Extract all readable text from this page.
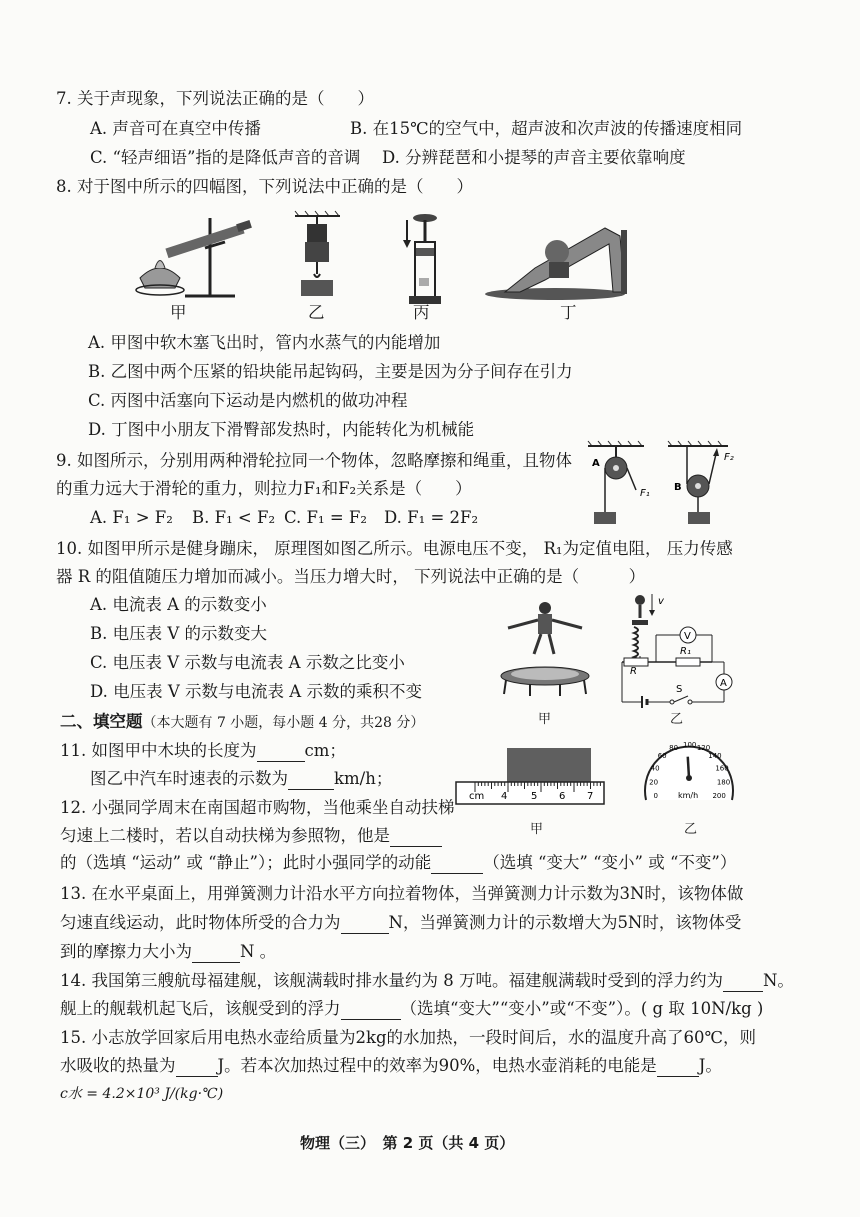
7. 关于声现象，下列说法正确的是（　　）
A. 声音可在真空中传播	B. 在15℃的空气中，超声波和次声波的传播速度相同
C. “轻声细语”指的是降低声音的音调 D. 分辨琵琶和小提琴的声音主要依靠响度
8. 对于图中所示的四幅图，下列说法中正确的是（　　）
甲	乙	丙	丁
A. 甲图中软木塞飞出时，管内水蒸气的内能增加
B. 乙图中两个压紧的铅块能吊起钩码，主要是因为分子间存在引力
C. 丙图中活塞向下运动是内燃机的做功冲程
D. 丁图中小朋友下滑臀部发热时，内能转化为机械能
9. 如图所示，分别用两种滑轮拉同一个物体，忽略摩擦和绳重，且物体
的重力远大于滑轮的重力，则拉力F₁和F₂关系是（　　）
A. F₁ > F₂ B. F₁ < F₂ C. F₁ = F₂ D. F₁ = 2F₂
A
F₁
B
F₂
10. 如图甲所示是健身蹦床， 原理图如图乙所示。电源电压不变， R₁为定值电阻， 压力传感
器 R 的阻值随压力增加而减小。当压力增大时， 下列说法中正确的是（　　　）
A. 电流表 A 的示数变小
B. 电压表 V 的示数变大
C. 电压表 V 示数与电流表 A 示数之比变小
D. 电压表 V 示数与电流表 A 示数的乘积不变
甲
v
R
R₁
V
A
S
乙
二、填空题（本大题有 7 小题，每小题 4 分，共28 分）
11. 如图甲中木块的长度为	cm；
图乙中汽车时速表的示数为	km/h；
cm 4 5 6 7
甲
0
20
40
60
80 100 120
140
160
180
200
km/h
乙
12. 小强同学周末在南国超市购物，当他乘坐自动扶梯
匀速上二楼时，若以自动扶梯为参照物，他是
的（选填 “运动” 或 “静止”）；此时小强同学的动能	（选填 “变大” “变小” 或 “不变”）
13. 在水平桌面上，用弹簧测力计沿水平方向拉着物体，当弹簧测力计示数为3N时，该物体做
匀速直线运动，此时物体所受的合力为	N，当弹簧测力计的示数增大为5N时，该物体受
到的摩擦力大小为	N 。
14. 我国第三艘航母福建舰，该舰满载时排水量约为 8 万吨。福建舰满载时受到的浮力约为 N。
舰上的舰载机起飞后，该舰受到的浮力	（选填“变大”“变小”或“不变”）。( g 取 10N/kg )
15. 小志放学回家后用电热水壶给质量为2kg的水加热，一段时间后，水的温度升高了60℃，则
水吸收的热量为	J。若本次加热过程中的效率为90%，电热水壶消耗的电能是	J。
c水 = 4.2×10³ J/(kg·℃)
物理（三）　第 2 页（共 4 页）
